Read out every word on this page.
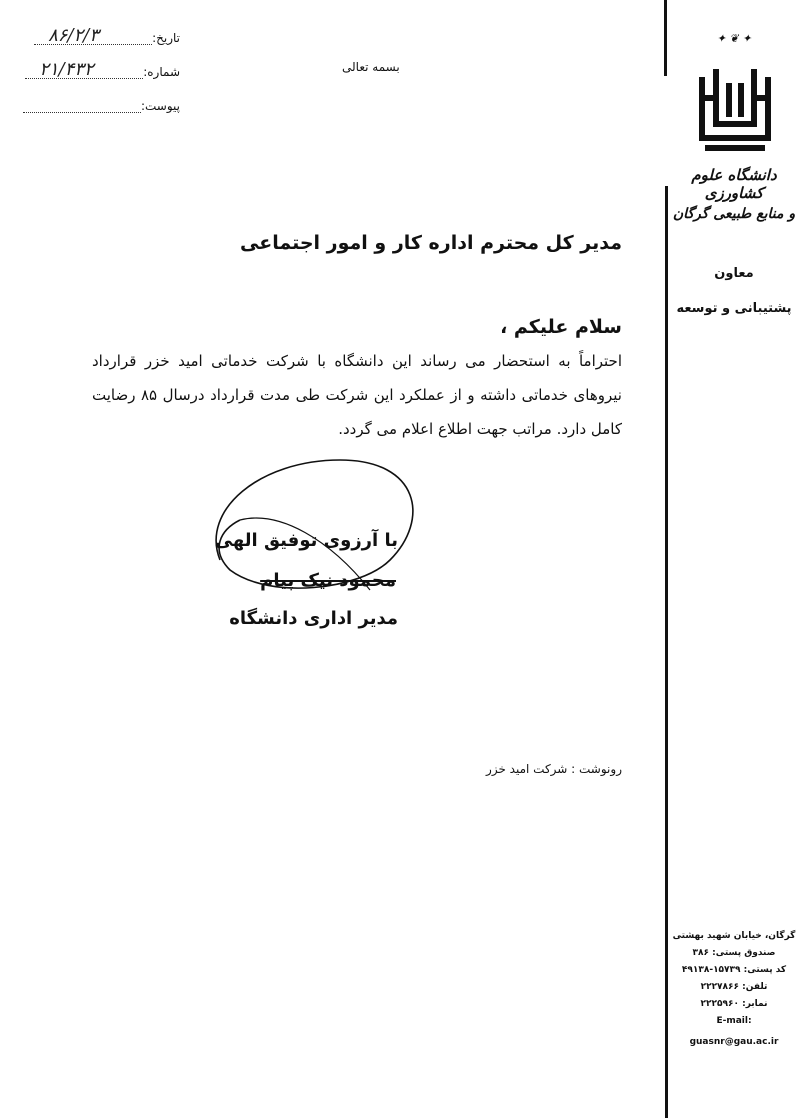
تاریخ:
۸۶/۲/۳
شماره:
۲۱/۴۳۲
پیوست:
بسمه تعالی
✦ ❦ ✦
دانشگاه علوم کشاورزی
و منابع طبیعی گرگان
معاون
پشتیبانی و توسعه
گرگان، خیابان شهید بهشتی
صندوق پستی: ۳۸۶
کد پستی: ۱۵۷۳۹-۴۹۱۳۸
تلفن: ۲۲۲۷۸۶۶
نمابر: ۲۲۲۵۹۶۰
E-mail:
guasnr@gau.ac.ir
مدیر کل محترم اداره کار و امور اجتماعی
سلام علیکم ،
احتراماً به استحضار می رساند این دانشگاه با شرکت خدماتی امید خزر قرارداد نیروهای خدماتی داشته و از عملکرد این شرکت طی مدت قرارداد درسال ۸۵ رضایت کامل دارد. مراتب جهت اطلاع اعلام می گردد.
با آرزوی توفیق الهی
محمود نیک پیام
مدیر اداری دانشگاه
رونوشت : شرکت امید خزر
